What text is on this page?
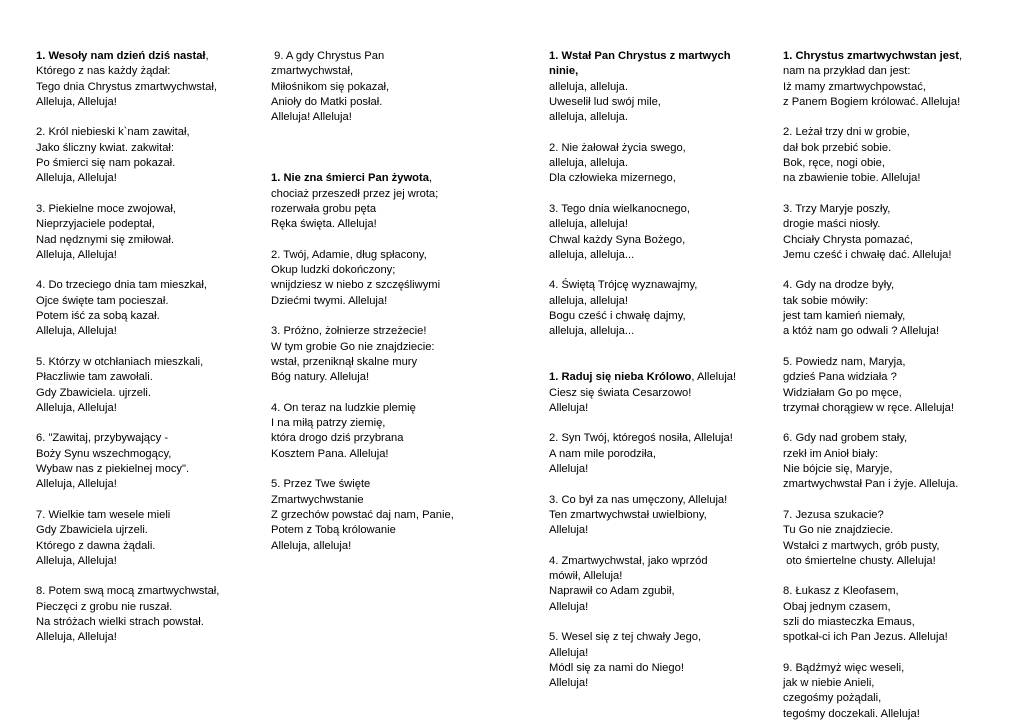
1. Wesoły nam dzień dziś nastał,
Którego z nas każdy żądał:
Tego dnia Chrystus zmartwychwstał,
Alleluja, Alleluja!
2. Król niebieski k`nam zawitał,
Jako śliczny kwiat. zakwitał:
Po śmierci się nam pokazał.
Alleluja, Alleluja!
3. Piekielne moce zwojował,
Nieprzyjaciele podeptał,
Nad nędznymi się zmiłował.
Alleluja, Alleluja!
4. Do trzeciego dnia tam mieszkał,
Ojce święte tam pocieszał.
Potem iść za sobą kazał.
Alleluja, Alleluja!
5. Którzy w otchłaniach mieszkali,
Płaczliwie tam zawołali.
Gdy Zbawiciela. ujrzeli.
Alleluja, Alleluja!
6. "Zawitaj, przybywający -
Boży Synu wszechmogący,
Wybaw nas z piekielnej mocy".
Alleluja, Alleluja!
7. Wielkie tam wesele mieli
Gdy Zbawiciela ujrzeli.
Którego z dawna żądali.
Alleluja, Alleluja!
8. Potem swą mocą zmartwychwstał,
Pieczęci z grobu nie ruszał.
Na stróżach wielki strach powstał.
Alleluja, Alleluja!
9. A gdy Chrystus Pan
zmartwychwstał,
Miłośnikom się pokazał,
Anioły do Matki posłał.
Alleluja! Alleluja!
1. Nie zna śmierci Pan żywota,
chociaż przeszedł przez jej wrota;
rozerwała grobu pęta
Ręka święta. Alleluja!
2. Twój, Adamie, dług spłacony,
Okup ludzki dokończony;
wnijdziesz w niebo z szczęśliwymi
Dziećmi twymi. Alleluja!
3. Próżno, żołnierze strzeżecie!
W tym grobie Go nie znajdziecie:
wstał, przeniknął skalne mury
Bóg natury. Alleluja!
4. On teraz na ludzkie plemię
I na miłą patrzy ziemię,
która drogo dziś przybrana
Kosztem Pana. Alleluja!
5. Przez Twe święte
Zmartwychwstanie
Z grzechów powstać daj nam, Panie,
Potem z Tobą królowanie
Alleluja, alleluja!
1. Wstał Pan Chrystus z martwych
ninie,
alleluja, alleluja.
Uweselił lud swój mile,
alleluja, alleluja.
2. Nie żałował życia swego,
alleluja, alleluja.
Dla człowieka mizernego,
3. Tego dnia wielkanocnego,
alleluja, alleluja!
Chwal każdy Syna Bożego,
alleluja, alleluja...
4. Świętą Trójcę wyznawajmy,
alleluja, alleluja!
Bogu cześć i chwałę dajmy,
alleluja, alleluja...
1. Raduj się nieba Królowo, Alleluja!
Ciesz się świata Cesarzowo!
Alleluja!
2. Syn Twój, któregoś nosiła, Alleluja!
A nam mile porodziła,
Alleluja!
3. Co był za nas umęczony, Alleluja!
Ten zmartwychwstał uwielbiony,
Alleluja!
4. Zmartwychwstał, jako wprzód
mówił, Alleluja!
Naprawił co Adam zgubił,
Alleluja!
5. Wesel się z tej chwały Jego,
Alleluja!
Módl się za nami do Niego!
Alleluja!
1. Chrystus zmartwychwstan jest,
nam na przykład dan jest:
Iż mamy zmartwychpowstać,
z Panem Bogiem królować. Alleluja!
2. Leżał trzy dni w grobie,
dał bok przebić sobie.
Bok, ręce, nogi obie,
na zbawienie tobie. Alleluja!
3. Trzy Maryje poszły,
drogie maści niosły.
Chciały Chrysta pomazać,
Jemu cześć i chwałę dać. Alleluja!
4. Gdy na drodze były,
tak sobie mówiły:
jest tam kamień niemały,
a któż nam go odwali ? Alleluja!
5. Powiedz nam, Maryja,
gdzieś Pana widziała ?
Widziałam Go po męce,
trzymał chorągiew w ręce. Alleluja!
6. Gdy nad grobem stały,
rzekł im Anioł biały:
Nie bójcie się, Maryje,
zmartwychwstał Pan i żyje. Alleluja.
7. Jezusa szukacie?
Tu Go nie znajdziecie.
Wstałci z martwych, grób pusty,
oto śmiertelne chusty. Alleluja!
8. Łukasz z Kleofasem,
Obaj jednym czasem,
szli do miasteczka Emaus,
spotkał-ci ich Pan Jezus. Alleluja!
9. Bądźmyż więc weseli,
jak w niebie Anieli,
czegośmy pożądali,
tegośmy doczekali. Alleluja!
